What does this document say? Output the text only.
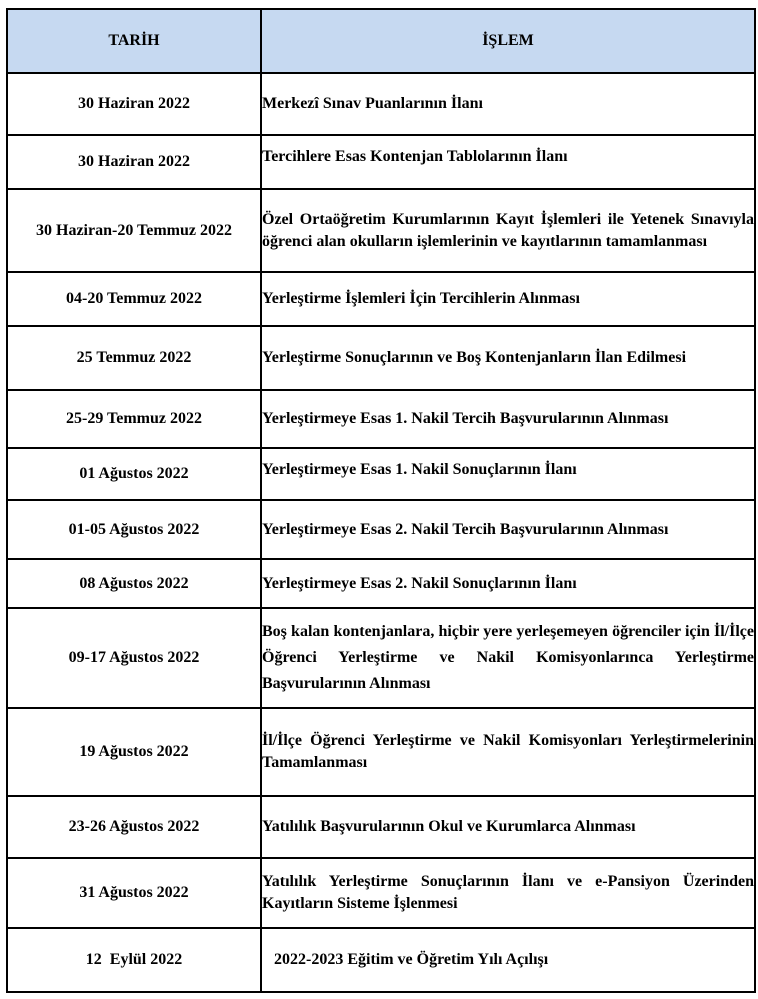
TARİH	İŞLEM
30 Haziran 2022	Merkezî Sınav Puanlarının İlanı
30 Haziran 2022	Tercihlere Esas Kontenjan Tablolarının İlanı
30 Haziran-20 Temmuz 2022	Özel Ortaöğretim Kurumlarının Kayıt İşlemleri ile Yetenek Sınavıyla öğrenci alan okulların işlemlerinin ve kayıtlarının tamamlanması
04-20 Temmuz 2022	Yerleştirme İşlemleri İçin Tercihlerin Alınması
25 Temmuz 2022	Yerleştirme Sonuçlarının ve Boş Kontenjanların İlan Edilmesi
25-29 Temmuz 2022	Yerleştirmeye Esas 1. Nakil Tercih Başvurularının Alınması
01 Ağustos 2022	Yerleştirmeye Esas 1. Nakil Sonuçlarının İlanı
01-05 Ağustos 2022	Yerleştirmeye Esas 2. Nakil Tercih Başvurularının Alınması
08 Ağustos 2022	Yerleştirmeye Esas 2. Nakil Sonuçlarının İlanı
09-17 Ağustos 2022	Boş kalan kontenjanlara, hiçbir yere yerleşemeyen öğrenciler için İl/İlçe Öğrenci Yerleştirme ve Nakil Komisyonlarınca Yerleştirme Başvurularının Alınması
19 Ağustos 2022	İl/İlçe Öğrenci Yerleştirme ve Nakil Komisyonları Yerleştirmelerinin Tamamlanması
23-26 Ağustos 2022	Yatılılık Başvurularının Okul ve Kurumlarca Alınması
31 Ağustos 2022	Yatılılık Yerleştirme Sonuçlarının İlanı ve e-Pansiyon Üzerinden Kayıtların Sisteme İşlenmesi
12  Eylül 2022	2022-2023 Eğitim ve Öğretim Yılı Açılışı
